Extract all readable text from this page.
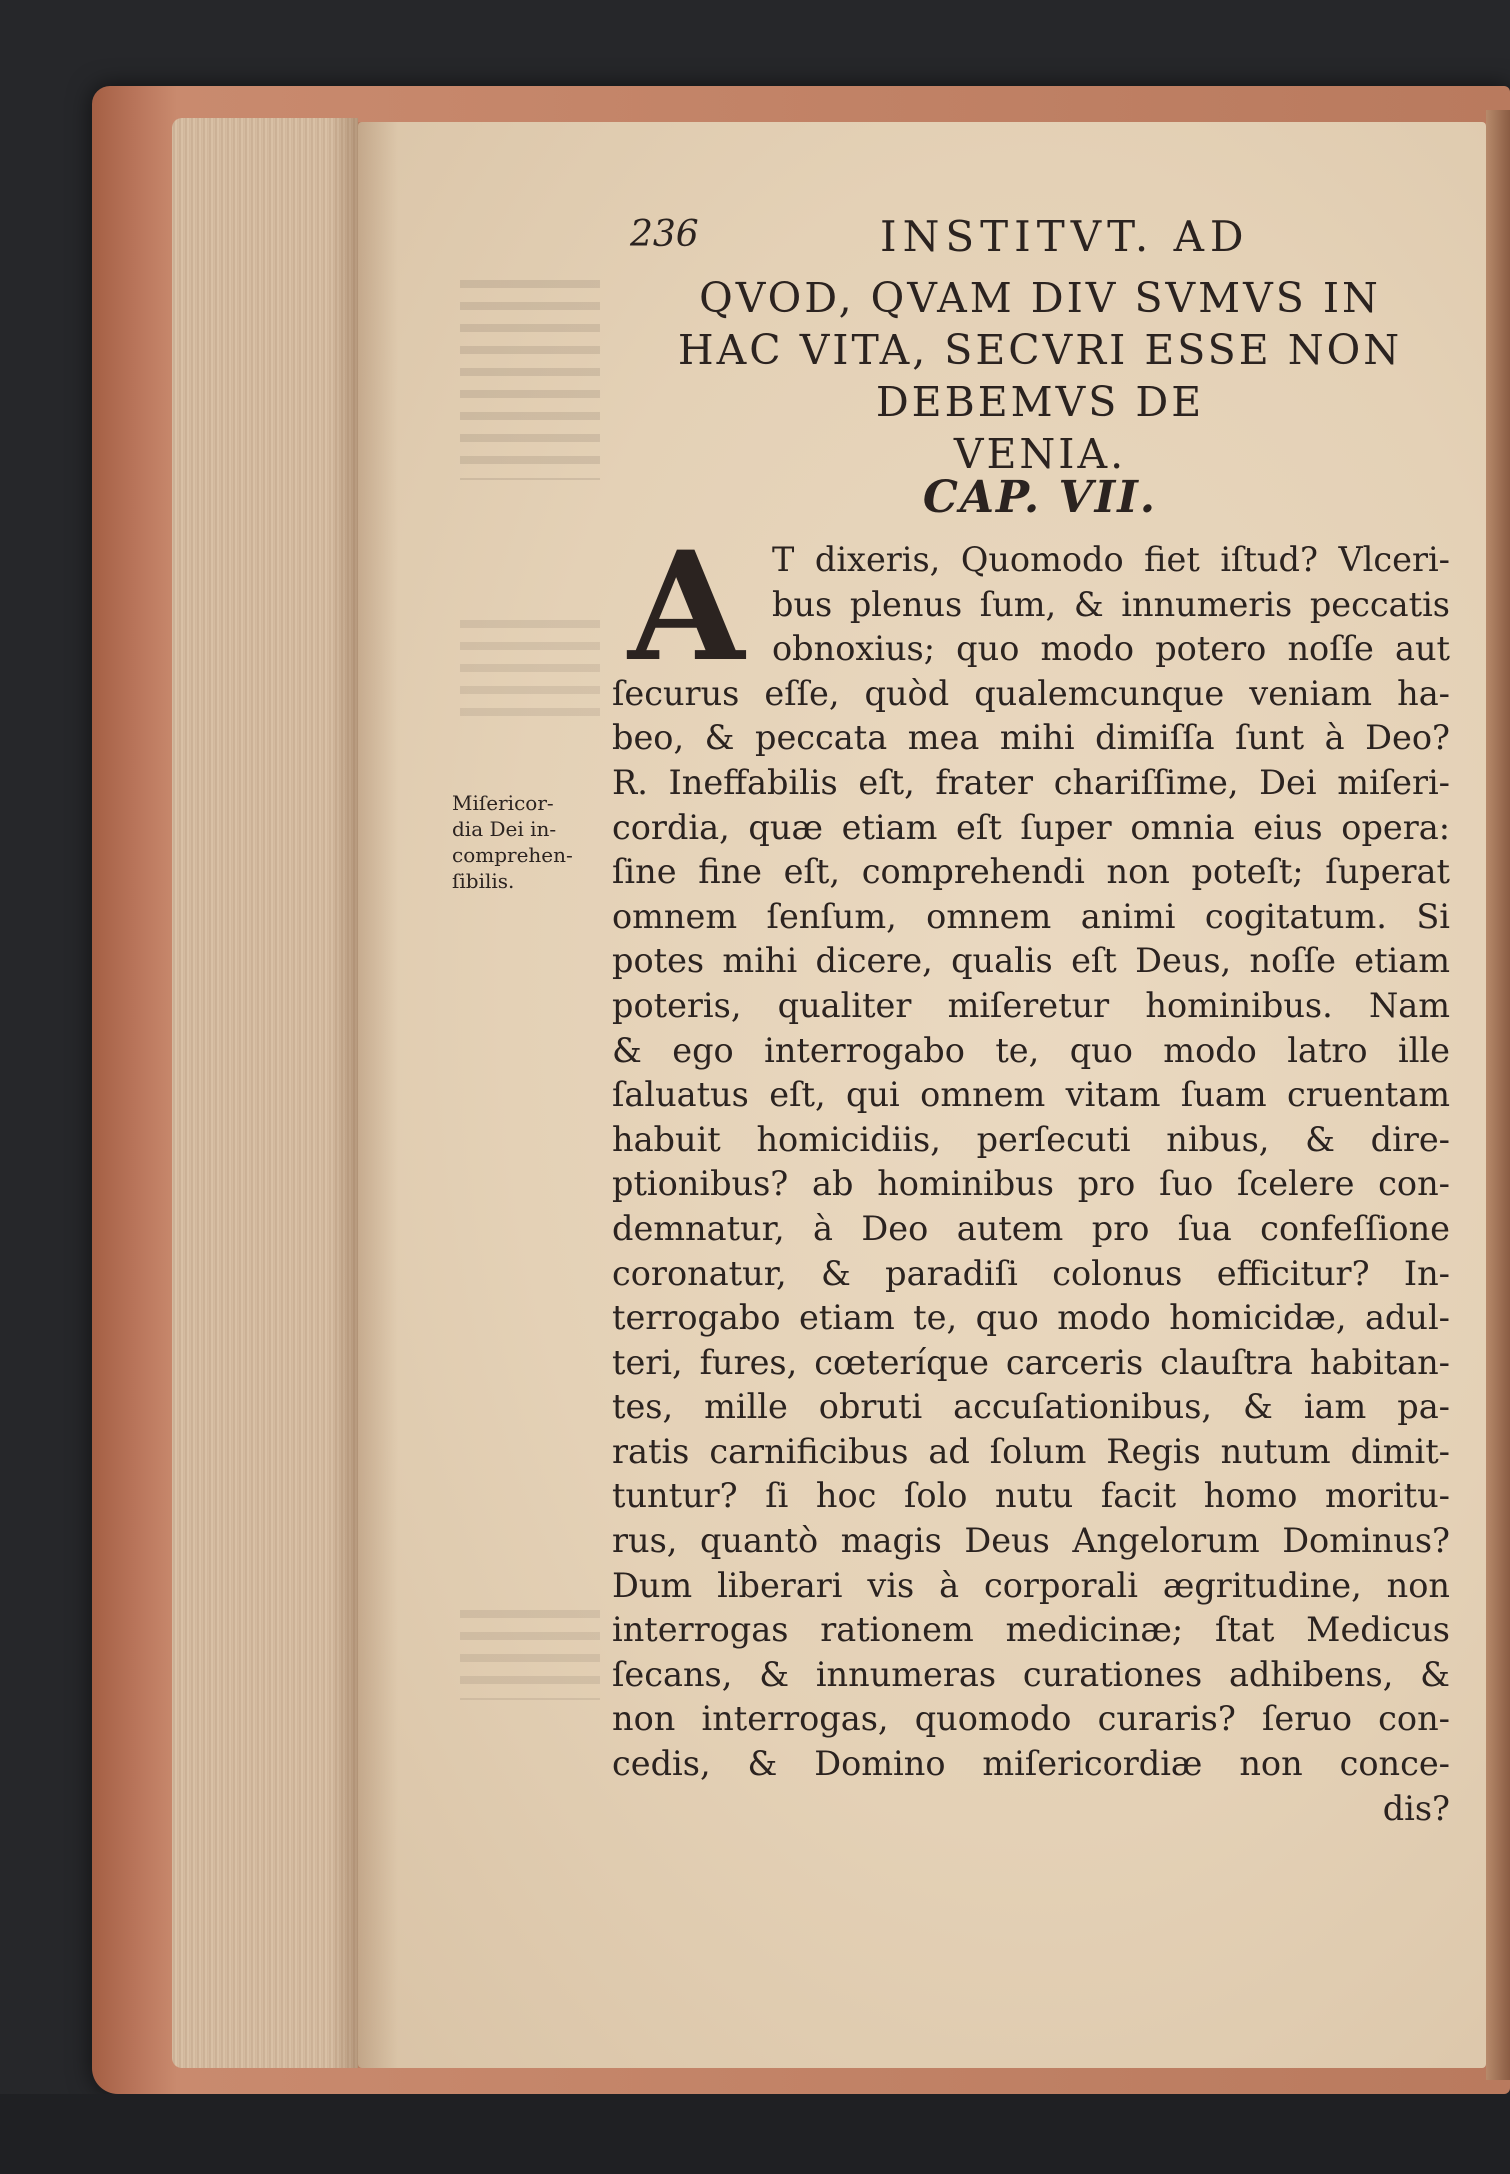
236	INSTITVT. AD
QVOD, QVAM DIV SVMVS IN
HAC VITA, SECVRI ESSE NON
DEBEMVS DE
VENIA.
CAP. VII.
A T dixeris, Quomodo fiet iſtud? Vlceri-
bus plenus ſum, & innumeris peccatis
obnoxius; quo modo potero noſſe aut
ſecurus eſſe, quòd qualemcunque veniam ha-
beo, & peccata mea mihi dimiſſa ſunt à Deo?
R. Ineffabilis eſt, frater chariſſime, Dei miſeri-
cordia, quæ etiam eſt ſuper omnia eius opera:
ſine fine eſt, comprehendi non poteſt; ſuperat
omnem ſenſum, omnem animi cogitatum. Si
potes mihi dicere, qualis eſt Deus, noſſe etiam
poteris, qualiter miſeretur hominibus. Nam
& ego interrogabo te, quo modo latro ille
ſaluatus eſt, qui omnem vitam ſuam cruentam
habuit homicidiis, perſecuti nibus, & dire-
ptionibus? ab hominibus pro ſuo ſcelere con-
demnatur, à Deo autem pro ſua confeſſione
coronatur, & paradiſi colonus efficitur? In-
terrogabo etiam te, quo modo homicidæ, adul-
teri, fures, cœteríque carceris clauſtra habitan-
tes, mille obruti accuſationibus, & iam pa-
ratis carnificibus ad ſolum Regis nutum dimit-
tuntur? ſi hoc ſolo nutu facit homo moritu-
rus, quantò magis Deus Angelorum Dominus?
Dum liberari vis à corporali ægritudine, non
interrogas rationem medicinæ; ſtat Medicus
ſecans, & innumeras curationes adhibens, &
non interrogas, quomodo curaris? ſeruo con-
cedis, & Domino miſericordiæ non conce-
dis?
Miſericor-
dia Dei in-
comprehen-
ſibilis.
